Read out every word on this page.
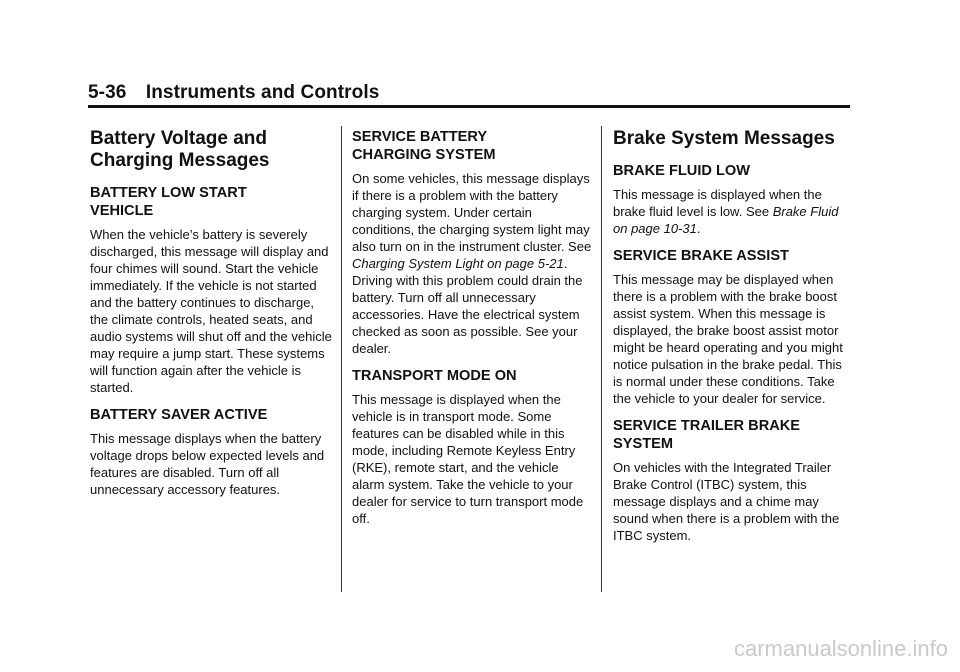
5-36 Instruments and Controls
Battery Voltage and
Charging Messages
BATTERY LOW START
VEHICLE

When the vehicle’s battery is severely discharged, this message will display and four chimes will sound. Start the vehicle immediately. If the vehicle is not started and the battery continues to discharge, the climate controls, heated seats, and audio systems will shut off and the vehicle may require a jump start. These systems will function again after the vehicle is started.

BATTERY SAVER ACTIVE

This message displays when the battery voltage drops below expected levels and features are disabled. Turn off all unnecessary accessory features.

SERVICE BATTERY
CHARGING SYSTEM

On some vehicles, this message displays if there is a problem with the battery charging system. Under certain conditions, the charging system light may also turn on in the instrument cluster. See Charging System Light on page 5-21. Driving with this problem could drain the battery. Turn off all unnecessary accessories. Have the electrical system checked as soon as possible. See your dealer.

TRANSPORT MODE ON

This message is displayed when the vehicle is in transport mode. Some features can be disabled while in this mode, including Remote Keyless Entry (RKE), remote start, and the vehicle alarm system. Take the vehicle to your dealer for service to turn transport mode off.

Brake System Messages
BRAKE FLUID LOW

This message is displayed when the brake fluid level is low. See Brake Fluid on page 10-31.

SERVICE BRAKE ASSIST

This message may be displayed when there is a problem with the brake boost assist system. When this message is displayed, the brake boost assist motor might be heard operating and you might notice pulsation in the brake pedal. This is normal under these conditions. Take the vehicle to your dealer for service.

SERVICE TRAILER BRAKE
SYSTEM

On vehicles with the Integrated Trailer Brake Control (ITBC) system, this message displays and a chime may sound when there is a problem with the ITBC system.

carmanualsonline.info
